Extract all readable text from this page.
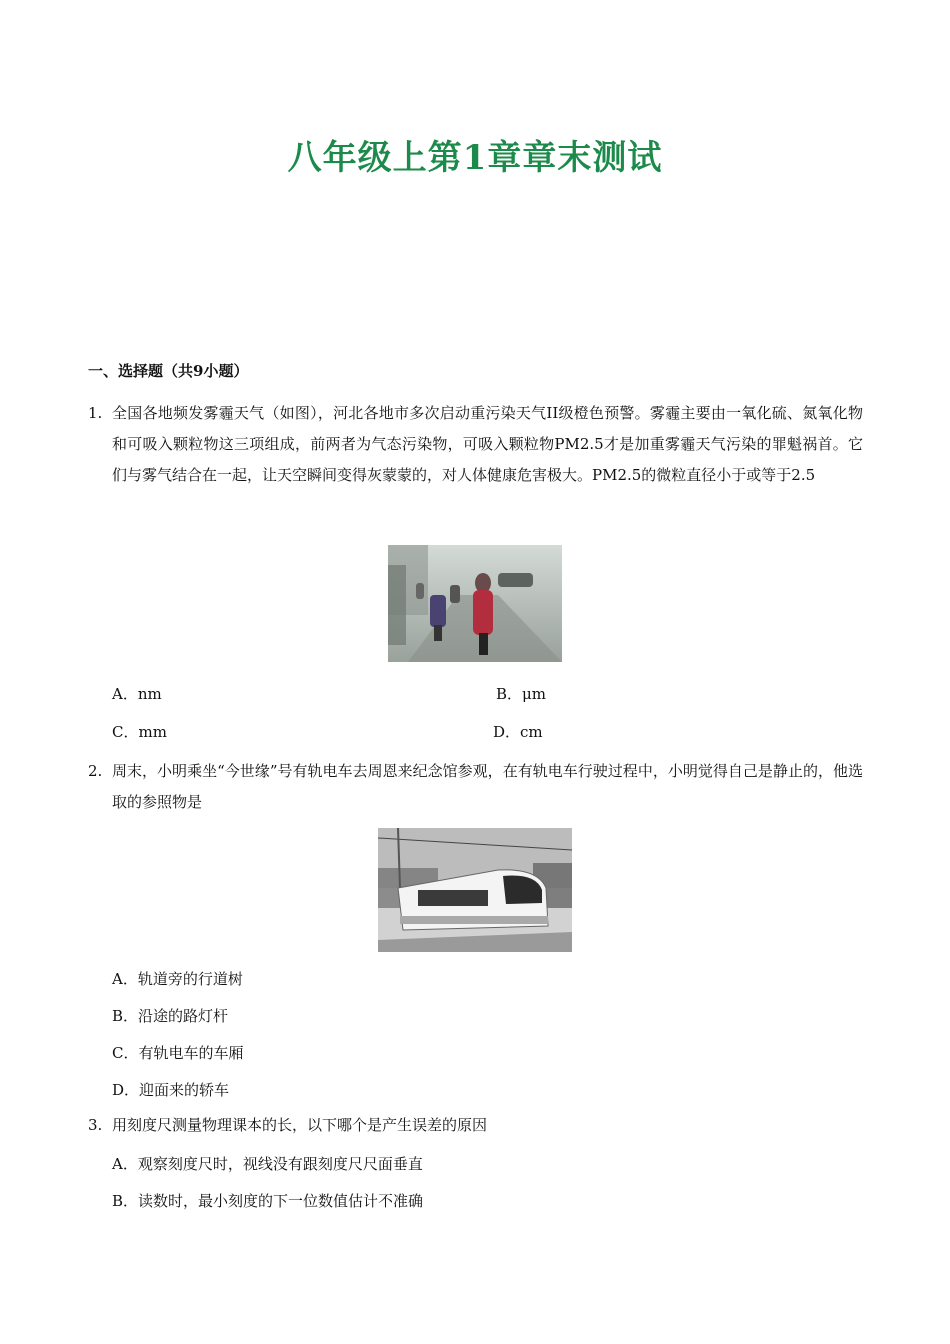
八年级上第1章章末测试
一、选择题（共9小题）
1. 全国各地频发雾霾天气（如图），河北各地市多次启动重污染天气II级橙色预警。雾霾主要由一氧化硫、氮氧化物和可吸入颗粒物这三项组成，前两者为气态污染物，可吸入颗粒物PM2.5才是加重雾霾天气污染的罪魁祸首。它们与雾气结合在一起，让天空瞬间变得灰蒙蒙的，对人体健康危害极大。PM2.5的微粒直径小于或等于2.5
A．nm	B．μm
C．mm	D．cm
2. 周末，小明乘坐“今世缘”号有轨电车去周恩来纪念馆参观，在有轨电车行驶过程中，小明觉得自己是静止的，他选取的参照物是
A．轨道旁的行道树
B．沿途的路灯杆
C．有轨电车的车厢
D．迎面来的轿车
3. 用刻度尺测量物理课本的长，以下哪个是产生误差的原因
A．观察刻度尺时，视线没有跟刻度尺尺面垂直
B．读数时，最小刻度的下一位数值估计不准确
